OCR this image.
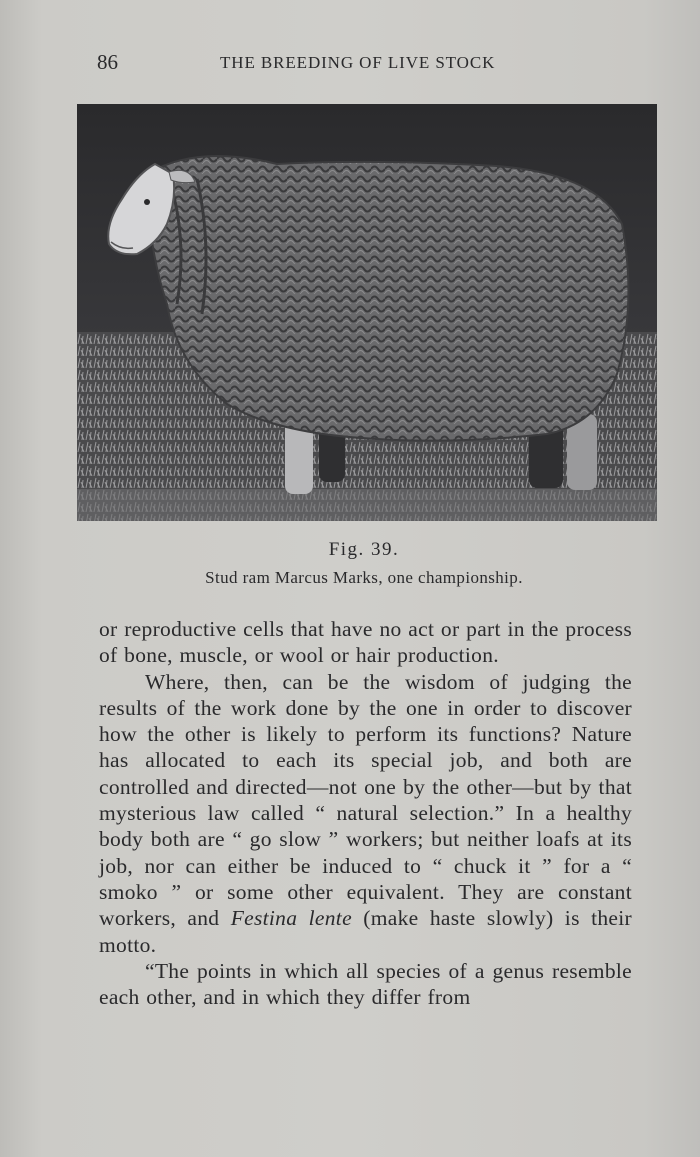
86	THE BREEDING OF LIVE STOCK
Fig. 39.
Stud ram Marcus Marks, one championship.

or reproductive cells that have no act or part in the process of bone, muscle, or wool or hair production.

Where, then, can be the wisdom of judging the results of the work done by the one in order to discover how the other is likely to perform its functions? Nature has allocated to each its special job, and both are controlled and directed—not one by the other—but by that mysterious law called “ natural selection.” In a healthy body both are “ go slow ” workers; but neither loafs at its job, nor can either be induced to “ chuck it ” for a “ smoko ” or some other equivalent. They are constant workers, and Festina lente (make haste slowly) is their motto.

“The points in which all species of a genus resemble each other, and in which they differ from
